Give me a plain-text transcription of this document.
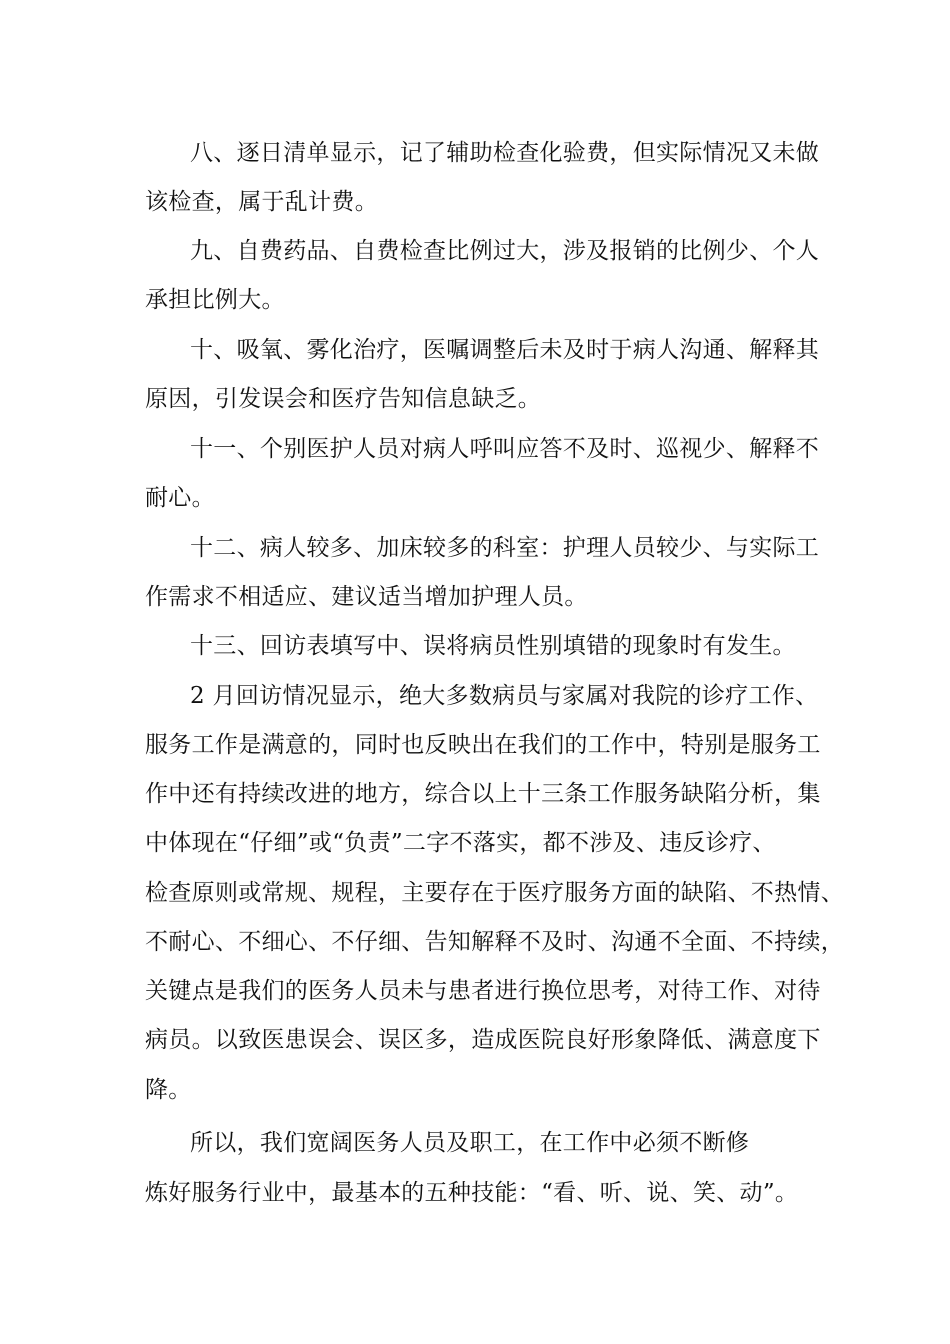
八、逐日清单显示，记了辅助检查化验费，但实际情况又未做
该检查，属于乱计费。
九、自费药品、自费检查比例过大，涉及报销的比例少、个人
承担比例大。
十、吸氧、雾化治疗，医嘱调整后未及时于病人沟通、解释其
原因，引发误会和医疗告知信息缺乏。
十一、个别医护人员对病人呼叫应答不及时、巡视少、解释不
耐心。
十二、病人较多、加床较多的科室：护理人员较少、与实际工
作需求不相适应、建议适当增加护理人员。
十三、回访表填写中、误将病员性别填错的现象时有发生。
2 月回访情况显示，绝大多数病员与家属对我院的诊疗工作、
服务工作是满意的，同时也反映出在我们的工作中，特别是服务工
作中还有持续改进的地方，综合以上十三条工作服务缺陷分析，集
中体现在“仔细”或“负责”二字不落实，都不涉及、违反诊疗、
检查原则或常规、规程，主要存在于医疗服务方面的缺陷、不热情、
不耐心、不细心、不仔细、告知解释不及时、沟通不全面、不持续，
关键点是我们的医务人员未与患者进行换位思考，对待工作、对待
病员。以致医患误会、误区多，造成医院良好形象降低、满意度下
降。
所以，我们宽阔医务人员及职工，在工作中必须不断修
炼好服务行业中，最基本的五种技能：“看、听、说、笑、动”。
